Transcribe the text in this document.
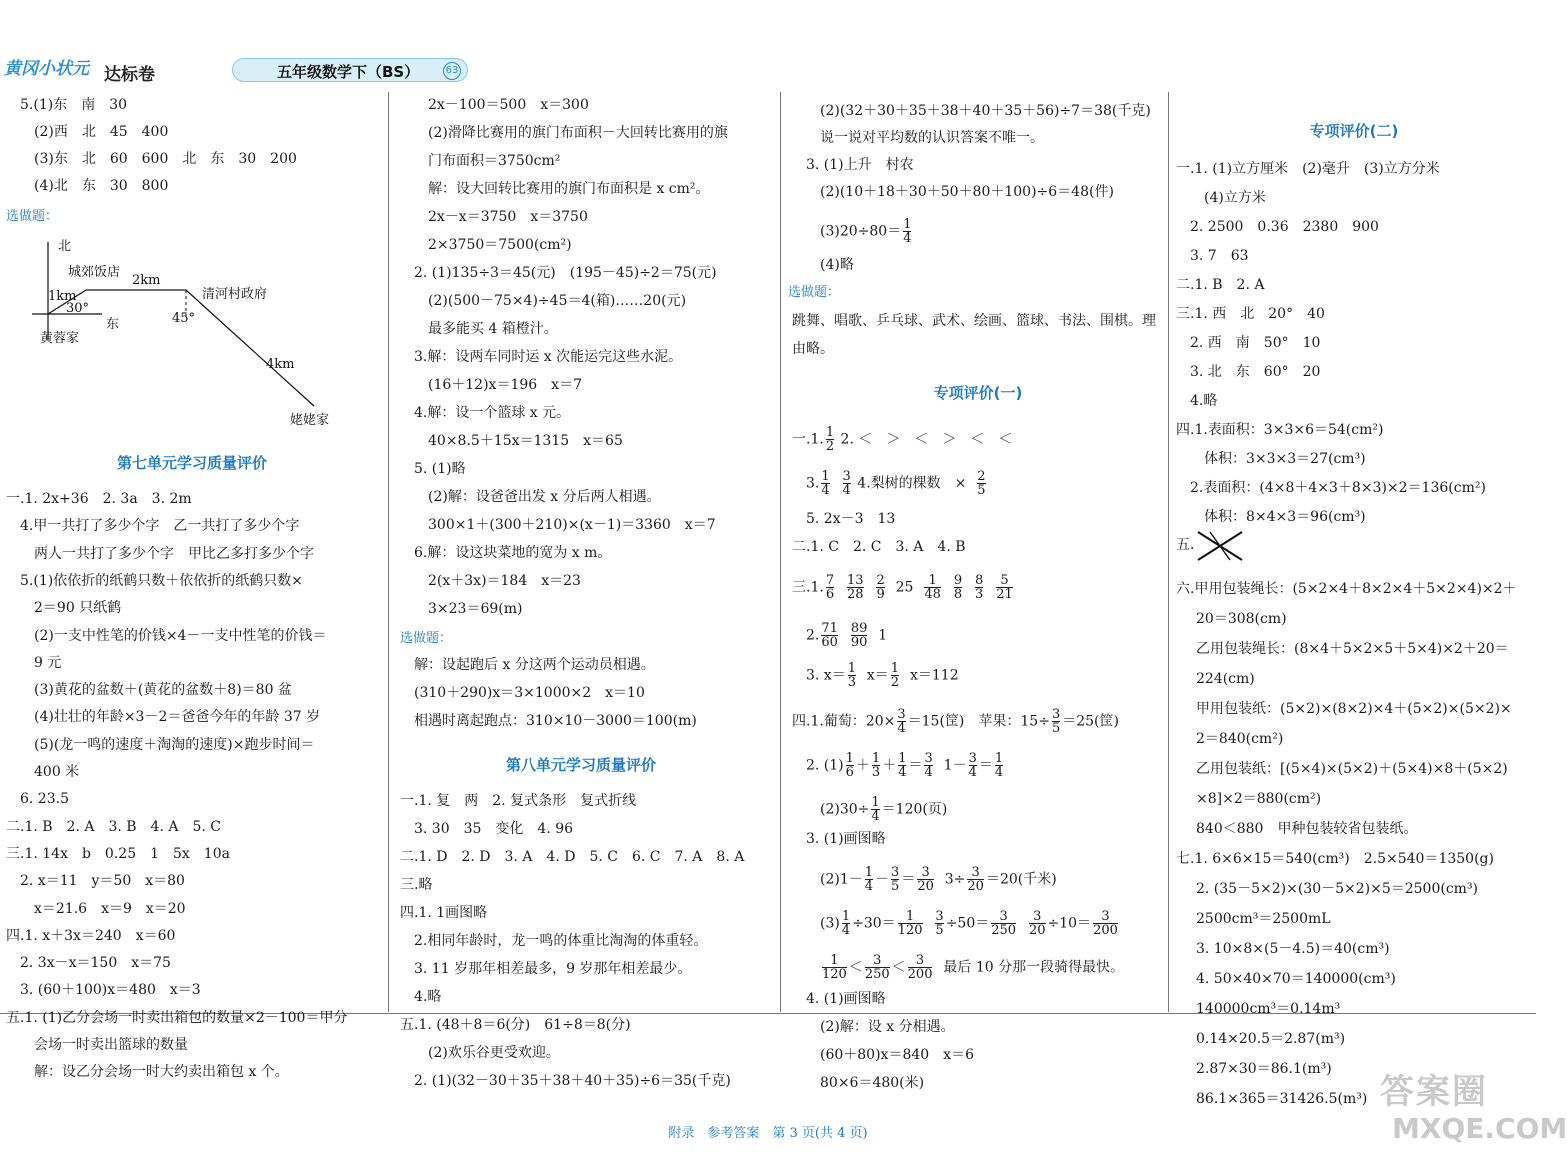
黄冈小状元 达标卷	五年级数学下（BS）	63
5.(1)东　南　30
(2)西　北　45　400
(3)东　北　60　600　北　东　30　200
(4)北　东　30　800
选做题：
北
东
城郊饭店
清河村政府
黄蓉家
姥姥家
1km
2km
4km
30°
45°
第七单元学习质量评价
一.1. 2x+36　2. 3a　3. 2m
4.甲一共打了多少个字　乙一共打了多少个字
两人一共打了多少个字　甲比乙多打多少个字
5.(1)依依折的纸鹤只数＋依依折的纸鹤只数×
2＝90 只纸鹤
(2)一支中性笔的价钱×4－一支中性笔的价钱＝
9 元
(3)黄花的盆数＋(黄花的盆数＋8)＝80 盆
(4)壮壮的年龄×3－2＝爸爸今年的年龄 37 岁
(5)(龙一鸣的速度＋淘淘的速度)×跑步时间＝
400 米
6. 23.5
二.1. B　2. A　3. B　4. A　5. C
三.1. 14x　b　0.25　1　5x　10a
2. x＝11　y＝50　x＝80
x＝21.6　x＝9　x＝20
四.1. x＋3x＝240　x＝60
2. 3x－x＝150　x＝75
3. (60＋100)x＝480　x＝3
五.1. (1)乙分会场一时卖出箱包的数量×2－100＝甲分
会场一时卖出篮球的数量
解：设乙分会场一时大约卖出箱包 x 个。
2x－100＝500　x＝300
(2)滑降比赛用的旗门布面积－大回转比赛用的旗
门布面积＝3750cm²
解：设大回转比赛用的旗门布面积是 x cm²。
2x－x＝3750　x＝3750
2×3750＝7500(cm²)
2. (1)135÷3＝45(元)　(195－45)÷2＝75(元)
(2)(500－75×4)÷45＝4(箱)……20(元)
最多能买 4 箱橙汁。
3.解：设两车同时运 x 次能运完这些水泥。
(16＋12)x＝196　x＝7
4.解：设一个篮球 x 元。
40×8.5＋15x＝1315　x＝65
5. (1)略
(2)解：设爸爸出发 x 分后两人相遇。
300×1＋(300＋210)×(x－1)＝3360　x＝7
6.解：设这块菜地的宽为 x m。
2(x＋3x)＝184　x＝23
3×23＝69(m)
选做题：
解：设起跑后 x 分这两个运动员相遇。
(310＋290)x＝3×1000×2　x＝10
相遇时离起跑点：310×10－3000＝100(m)
第八单元学习质量评价
一.1. 复　两　2. 复式条形　复式折线
3. 30　35　变化　4. 96
二.1. D　2. D　3. A　4. D　5. C　6. C　7. A　8. A
三.略
四.1. 1画图略
2.相同年龄时，龙一鸣的体重比淘淘的体重轻。
3. 11 岁那年相差最多，9 岁那年相差最少。
4.略
五.1. (48＋8＝6(分)　61÷8＝8(分)
(2)欢乐谷更受欢迎。
2. (1)(32－30＋35＋38＋40＋35)÷6＝35(千克)
(2)(32＋30＋35＋38＋40＋35＋56)÷7＝38(千克)
说一说对平均数的认识答案不唯一。
3. (1)上升　村农
(2)(10＋18＋30＋50＋80＋100)÷6＝48(件)
$(3)20\div 80= \frac{1}{4}$
(4)略
选做题：
跳舞、唱歌、乒乓球、武术、绘画、篮球、书法、围棋。理
由略。
专项评价(一)
一.1. $\frac{1}{2} 2$. ＜　＞　＜　＞　＜　＜
3. $\frac{1}{4}$
$\frac{3}{4} 4$.梨树的棵数　× $\frac{2}{5}$
5. 2x－3　13
二.1. C　2. C　3. A　4. B
三.1. $\frac{7}{6}$
$\frac{13}{28}$
$\frac{2}{9} 25 \frac{1}{48}$
$\frac{9}{8}$
$\frac{8}{3}$
$\frac{5}{21}$
2. $\frac{71}{60}$
$\frac{89}{90} 1$
3. $x= \frac{1}{3} x= \frac{1}{2} x=112$
四.1.葡萄：$20\times \frac{3}{4} =15$(筐)　苹果：$15\div \frac{3}{5} =25$(筐)
2. $(1) \frac{1}{6} + \frac{1}{3} + \frac{1}{4} = \frac{3}{4} 1- \frac{3}{4} = \frac{1}{4}$
$(2)30\div \frac{1}{4} =120$(页)
3. (1)画图略
$(2)1- \frac{1}{4} - \frac{3}{5} = \frac{3}{20} 3\div \frac{3}{20} =20$(千米)
$(3) \frac{1}{4} \div 30= \frac{1}{120}$
$\frac{3}{5} \div 50= \frac{3}{250}$
$\frac{3}{20} \div 10= \frac{3}{200}$
$\frac{1}{120} < \frac{3}{250} < \frac{3}{200}$ 最后 10 分那一段骑得最快。
4. (1)画图略
(2)解：设 x 分相遇。
(60＋80)x＝840　x＝6
80×6＝480(米)
专项评价(二)
一.1. (1)立方厘米　(2)毫升　(3)立方分米
(4)立方米
2. 2500　0.36　2380　900
3. 7　63
二.1. B　2. A
三.1. 西　北　20°　40
2. 西　南　50°　10
3. 北　东　60°　20
4.略
四.1.表面积：3×3×6＝54(cm²)
体积：3×3×3＝27(cm³)
2.表面积：(4×8＋4×3＋8×3)×2＝136(cm²)
体积：8×4×3＝96(cm³)
五.
六.甲用包装绳长：(5×2×4＋8×2×4＋5×2×4)×2＋
20＝308(cm)
乙用包装绳长：(8×4＋5×2×5＋5×4)×2＋20＝
224(cm)
甲用包装纸：(5×2)×(8×2)×4＋(5×2)×(5×2)×
2＝840(cm²)
乙用包装纸：[(5×4)×(5×2)＋(5×4)×8＋(5×2)
×8]×2＝880(cm²)
840＜880　甲种包装较省包装纸。
七.1. 6×6×15＝540(cm³)　2.5×540＝1350(g)
2. (35－5×2)×(30－5×2)×5＝2500(cm³)
2500cm³＝2500mL
3. 10×8×(5－4.5)＝40(cm³)
4. 50×40×70＝140000(cm³)
140000cm³＝0.14m³
0.14×20.5＝2.87(m³)
2.87×30＝86.1(m³)
86.1×365＝31426.5(m³)
附录　参考答案　第 3 页(共 4 页)
答案圈
MXQE.COM
